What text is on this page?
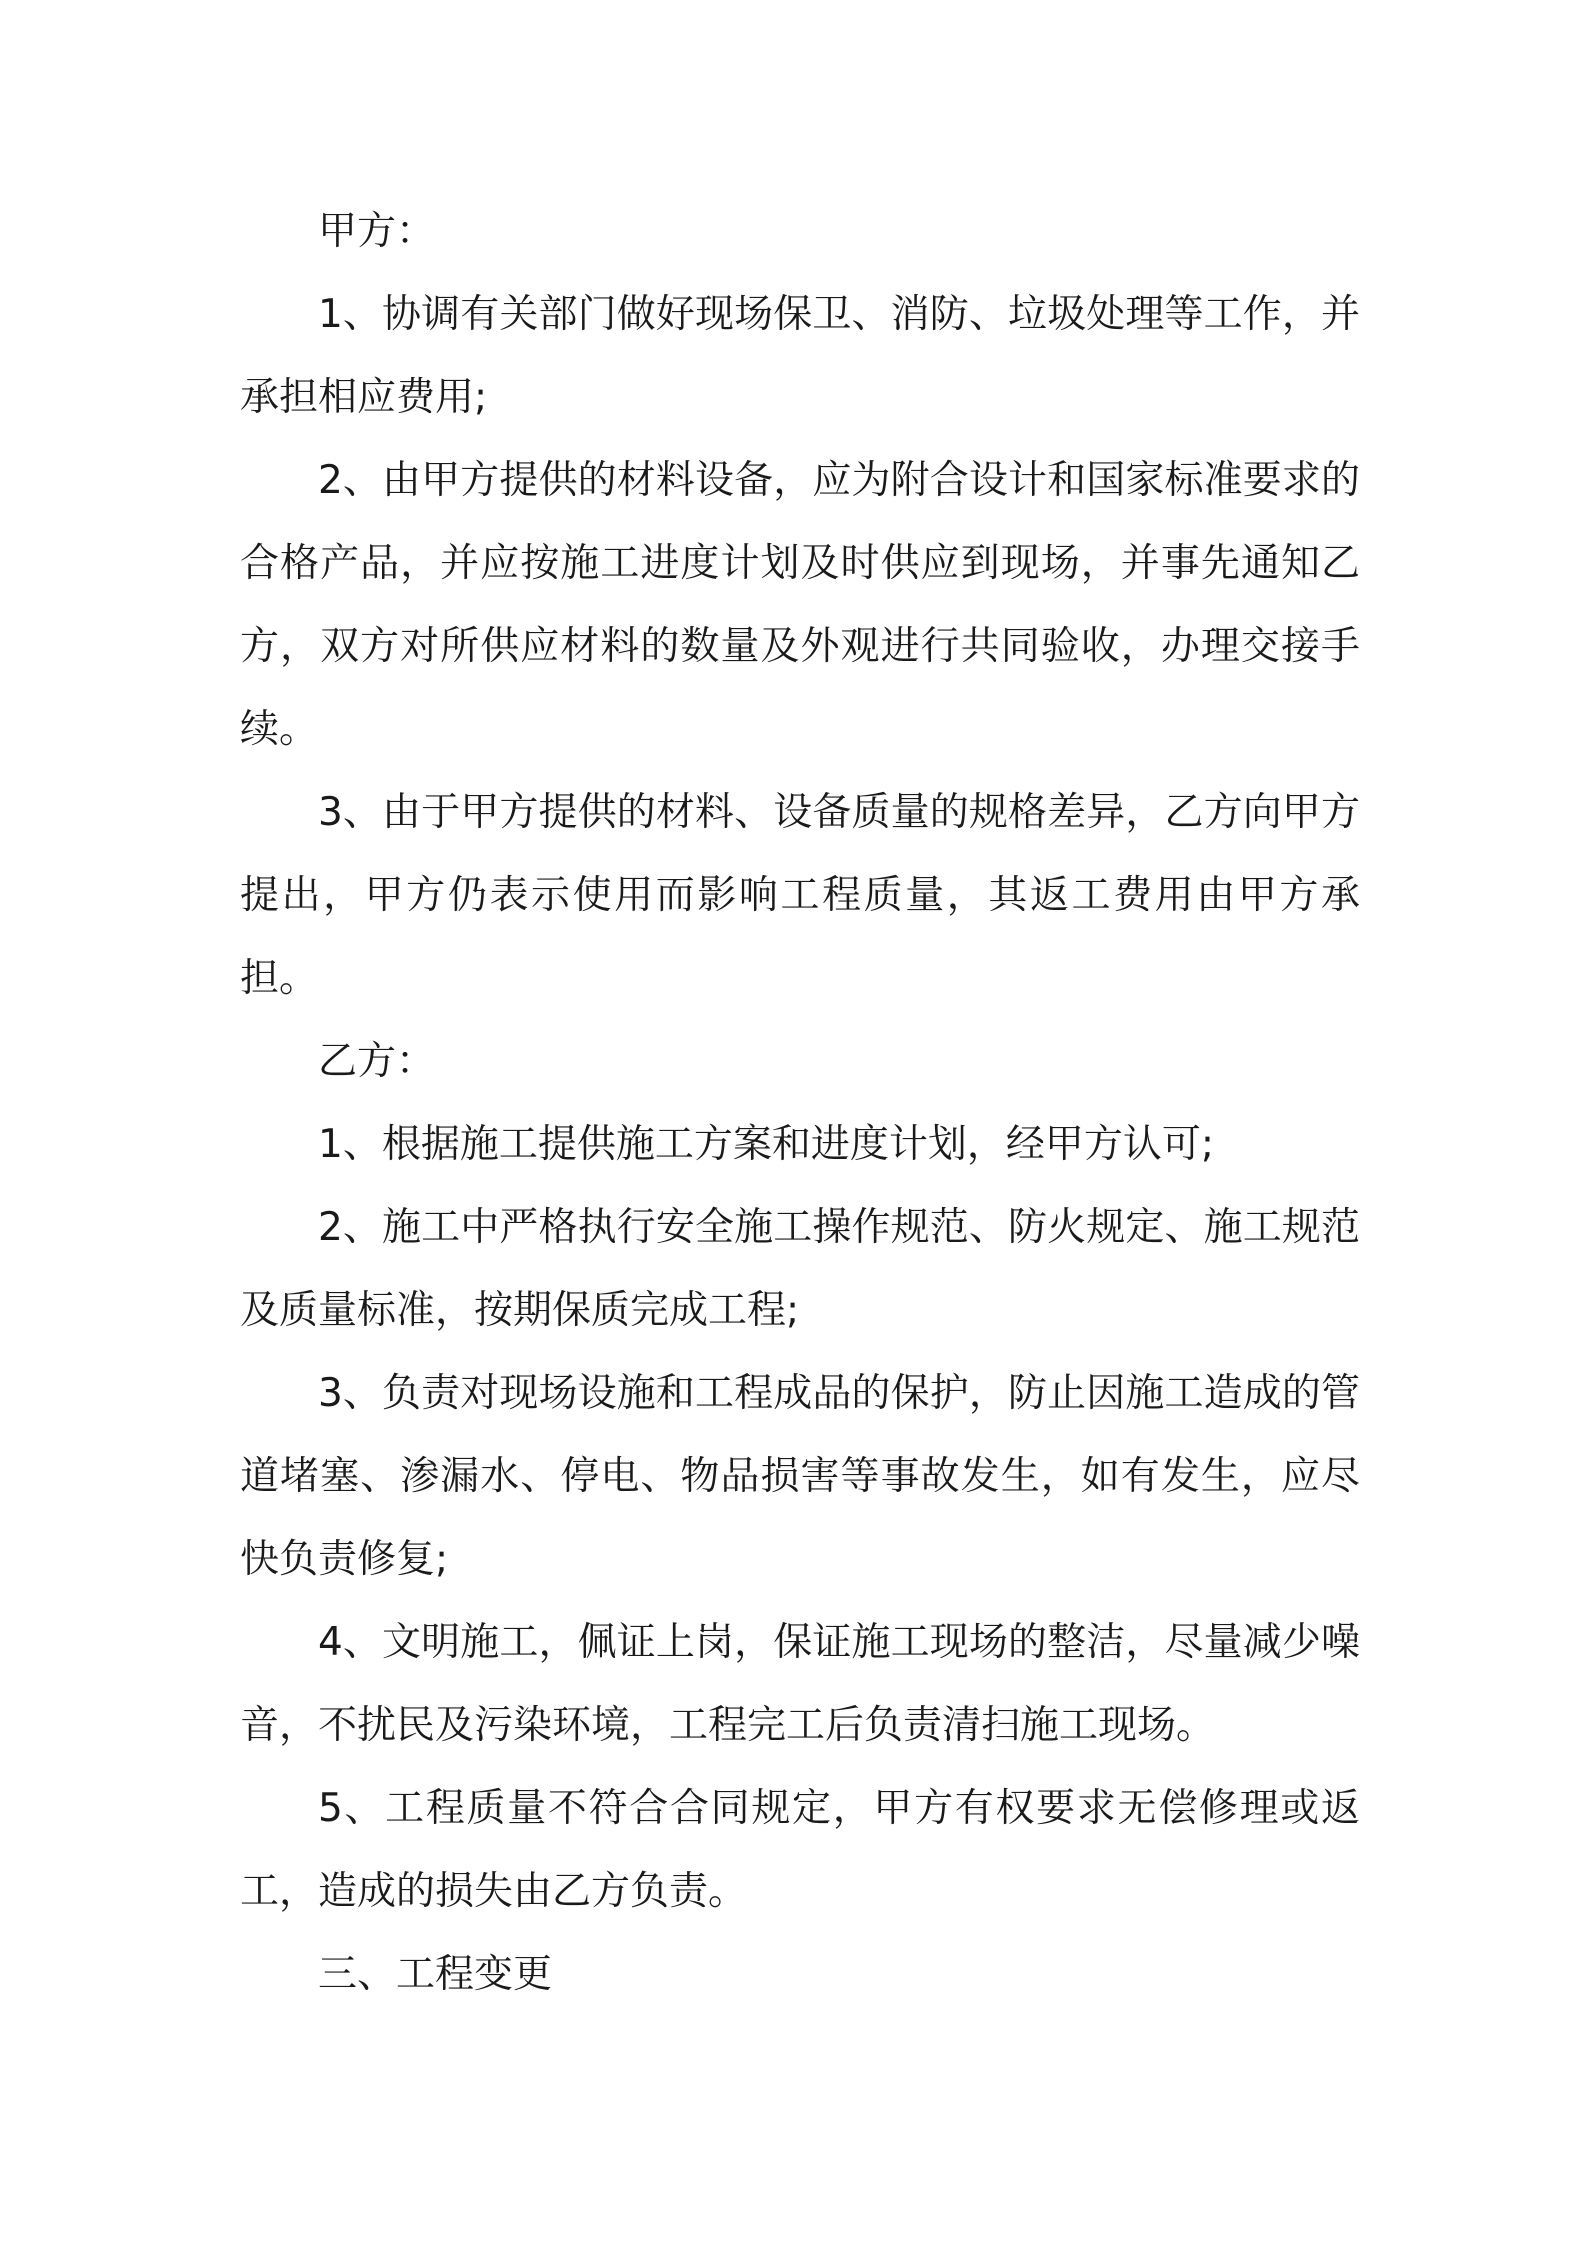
甲方：

1、协调有关部门做好现场保卫、消防、垃圾处理等工作，并承担相应费用;

2、由甲方提供的材料设备，应为附合设计和国家标准要求的合格产品，并应按施工进度计划及时供应到现场，并事先通知乙方，双方对所供应材料的数量及外观进行共同验收，办理交接手续。

3、由于甲方提供的材料、设备质量的规格差异，乙方向甲方提出，甲方仍表示使用而影响工程质量，其返工费用由甲方承担。

乙方：

1、根据施工提供施工方案和进度计划，经甲方认可;

2、施工中严格执行安全施工操作规范、防火规定、施工规范及质量标准，按期保质完成工程;

3、负责对现场设施和工程成品的保护，防止因施工造成的管道堵塞、渗漏水、停电、物品损害等事故发生，如有发生，应尽快负责修复;

4、文明施工，佩证上岗，保证施工现场的整洁，尽量减少噪音，不扰民及污染环境，工程完工后负责清扫施工现场。

5、工程质量不符合合同规定，甲方有权要求无偿修理或返工，造成的损失由乙方负责。

三、工程变更
